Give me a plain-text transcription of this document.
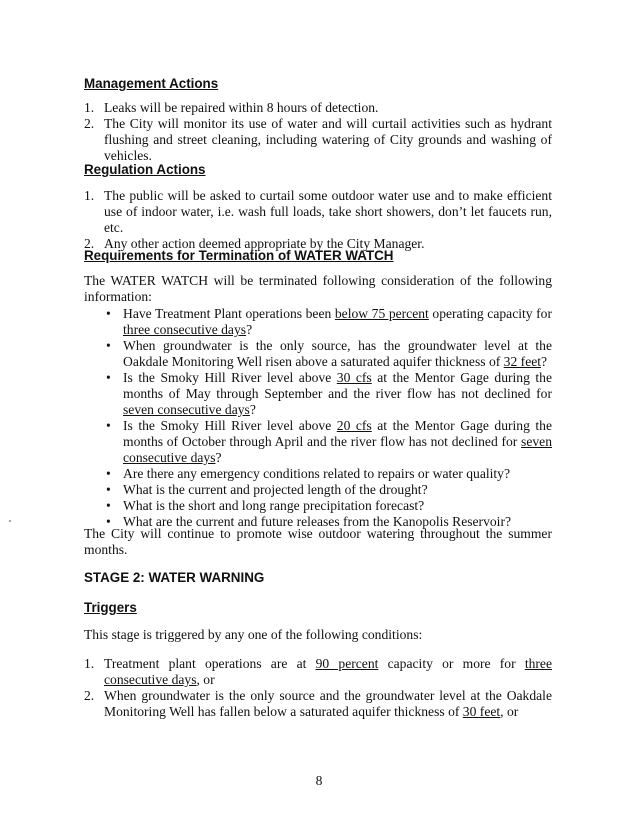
Management Actions
1. Leaks will be repaired within 8 hours of detection.
2. The City will monitor its use of water and will curtail activities such as hydrant flushing and street cleaning, including watering of City grounds and washing of vehicles.
Regulation Actions
1. The public will be asked to curtail some outdoor water use and to make efficient use of indoor water, i.e. wash full loads, take short showers, don’t let faucets run, etc.
2. Any other action deemed appropriate by the City Manager.
Requirements for Termination of WATER WATCH

The WATER WATCH will be terminated following consideration of the following information:

• Have Treatment Plant operations been below 75 percent operating capacity for three consecutive days?
• When groundwater is the only source, has the groundwater level at the Oakdale Monitoring Well risen above a saturated aquifer thickness of 32 feet?
• Is the Smoky Hill River level above 30 cfs at the Mentor Gage during the months of May through September and the river flow has not declined for seven consecutive days?
• Is the Smoky Hill River level above 20 cfs at the Mentor Gage during the months of October through April and the river flow has not declined for seven consecutive days?
• Are there any emergency conditions related to repairs or water quality?
• What is the current and projected length of the drought?
• What is the short and long range precipitation forecast?
• What are the current and future releases from the Kanopolis Reservoir?

The City will continue to promote wise outdoor watering throughout the summer months.

STAGE 2: WATER WARNING
Triggers

This stage is triggered by any one of the following conditions:

1. Treatment plant operations are at 90 percent capacity or more for three consecutive days, or
2. When groundwater is the only source and the groundwater level at the Oakdale Monitoring Well has fallen below a saturated aquifer thickness of 30 feet, or
8
